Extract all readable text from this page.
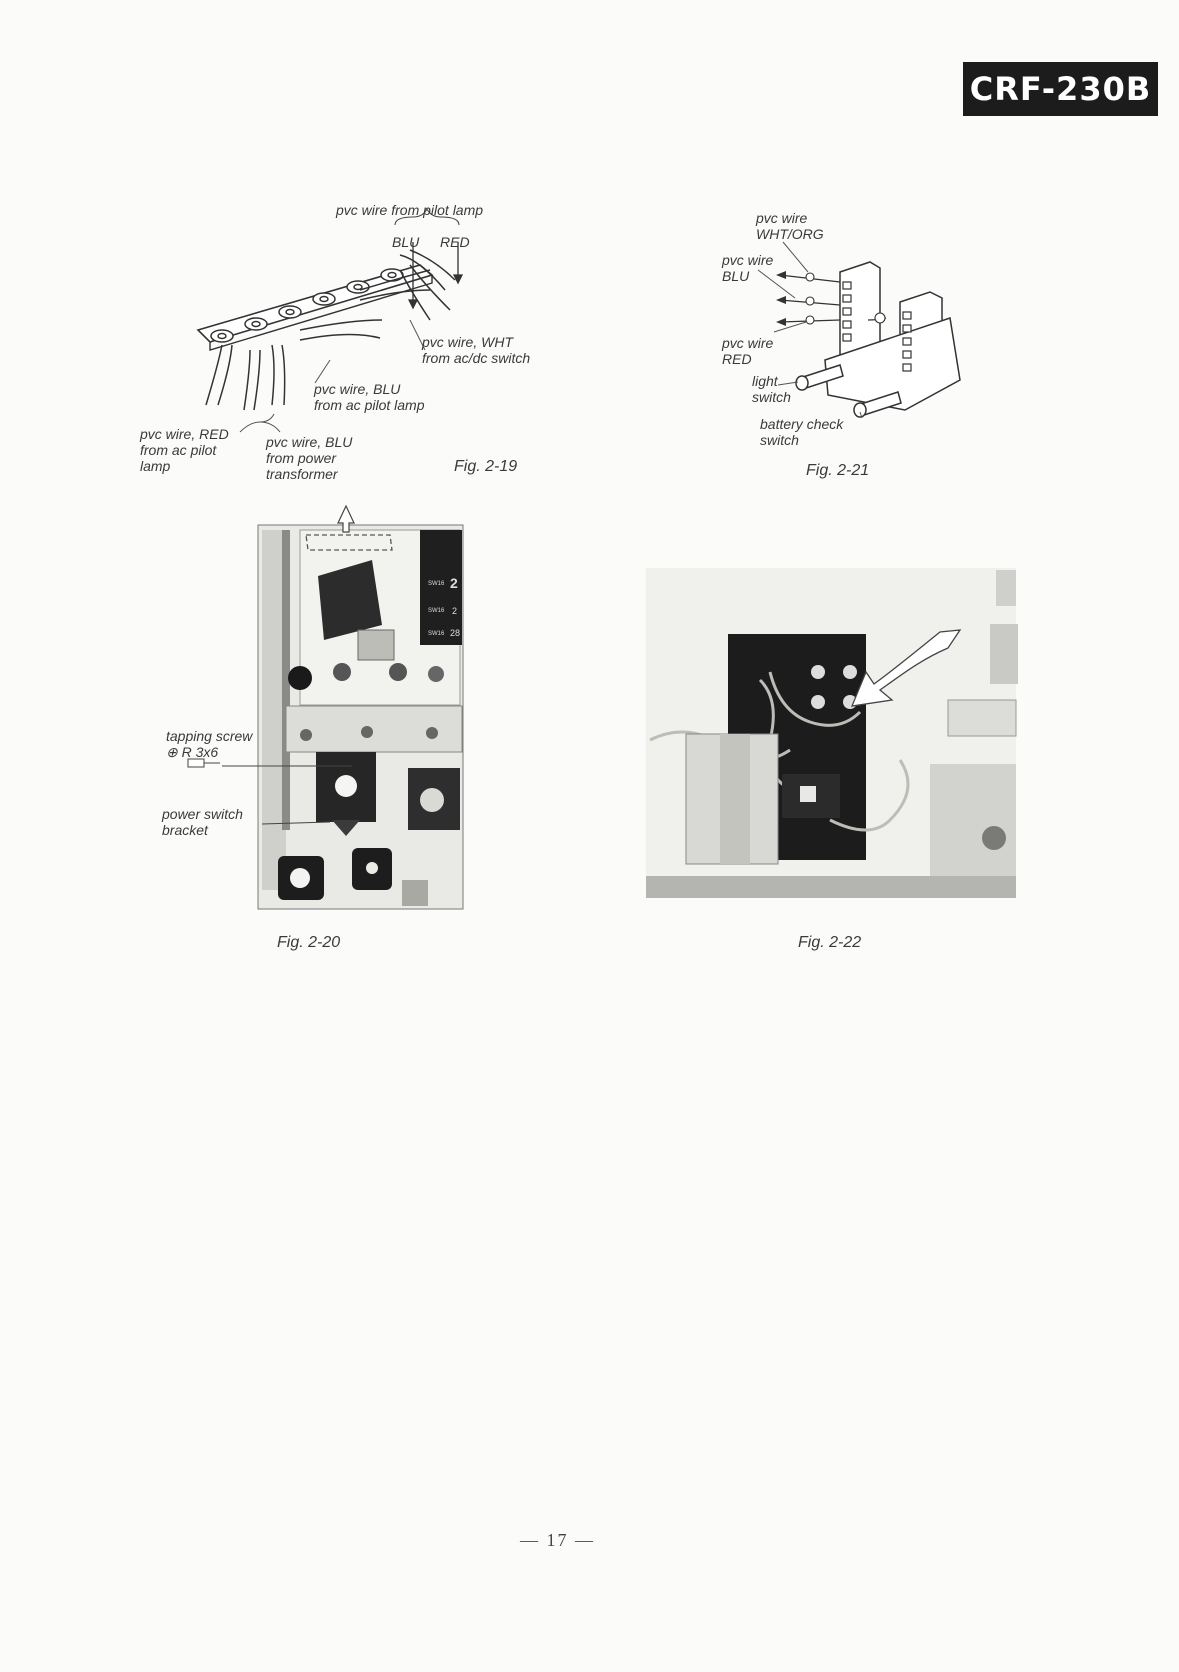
CRF-230B
pvc wire from pilot lamp
BLU RED
pvc wire, WHT
from ac/dc switch
pvc wire, BLU
from ac pilot lamp
pvc wire, RED
from ac pilot
lamp
pvc wire, BLU
from power
transformer	Fig. 2-19
pvc wire
WHT/ORG
pvc wire
BLU
pvc wire
RED
light
switch
battery check
switch
Fig. 2-21
SW16
SW16
SW16
2
2
28
tapping screw
⊕ R 3x6
power switch
bracket
Fig. 2-20	Fig. 2-22
— 17 —
